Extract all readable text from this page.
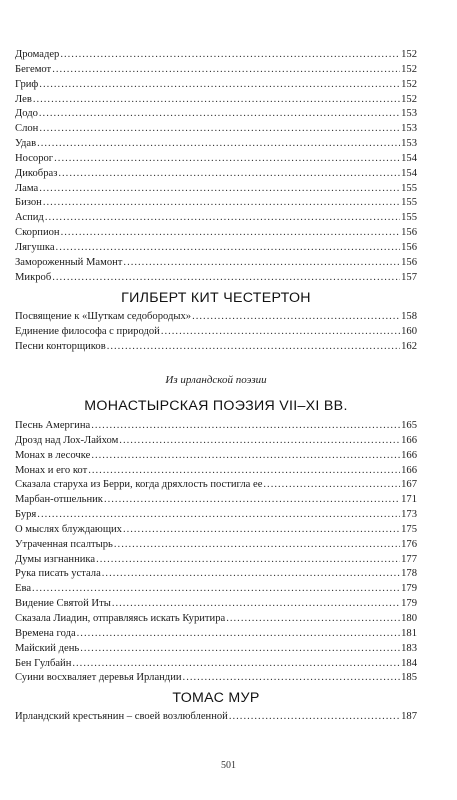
Дромадер .....	152
Бегемот .....	152
Гриф .....	152
Лев .....	152
Додо .....	153
Слон .....	153
Удав .....	153
Носорог .....	154
Дикобраз .....	154
Лама .....	155
Бизон .....	155
Аспид .....	155
Скорпион .....	156
Лягушка .....	156
Замороженный Мамонт .....	156
Микроб .....	157
ГИЛБЕРТ КИТ ЧЕСТЕРТОН
Посвящение к «Шуткам седобородых» .....	158
Единение философа с природой .....	160
Песни конторщиков .....	162
Из ирландской поэзии
МОНАСТЫРСКАЯ ПОЭЗИЯ VII–XI ВВ.
Песнь Амергина .....	165
Дрозд над Лох-Лайхом .....	166
Монах в лесочке .....	166
Монах и его кот .....	166
Сказала старуха из Берри, когда дряхлость постигла ее .....	167
Марбан-отшельник .....	171
Буря .....	173
О мыслях блуждающих .....	175
Утраченная псалтырь .....	176
Думы изгнанника .....	177
Рука писать устала .....	178
Ева .....	179
Видение Святой Иты .....	179
Сказала Лиадин, отправляясь искать Куритира .....	180
Времена года .....	181
Майский день .....	183
Бен Гулбайн .....	184
Суини восхваляет деревья Ирландии .....	185
ТОМАС МУР
Ирландский крестьянин – своей возлюбленной .....	187
501
